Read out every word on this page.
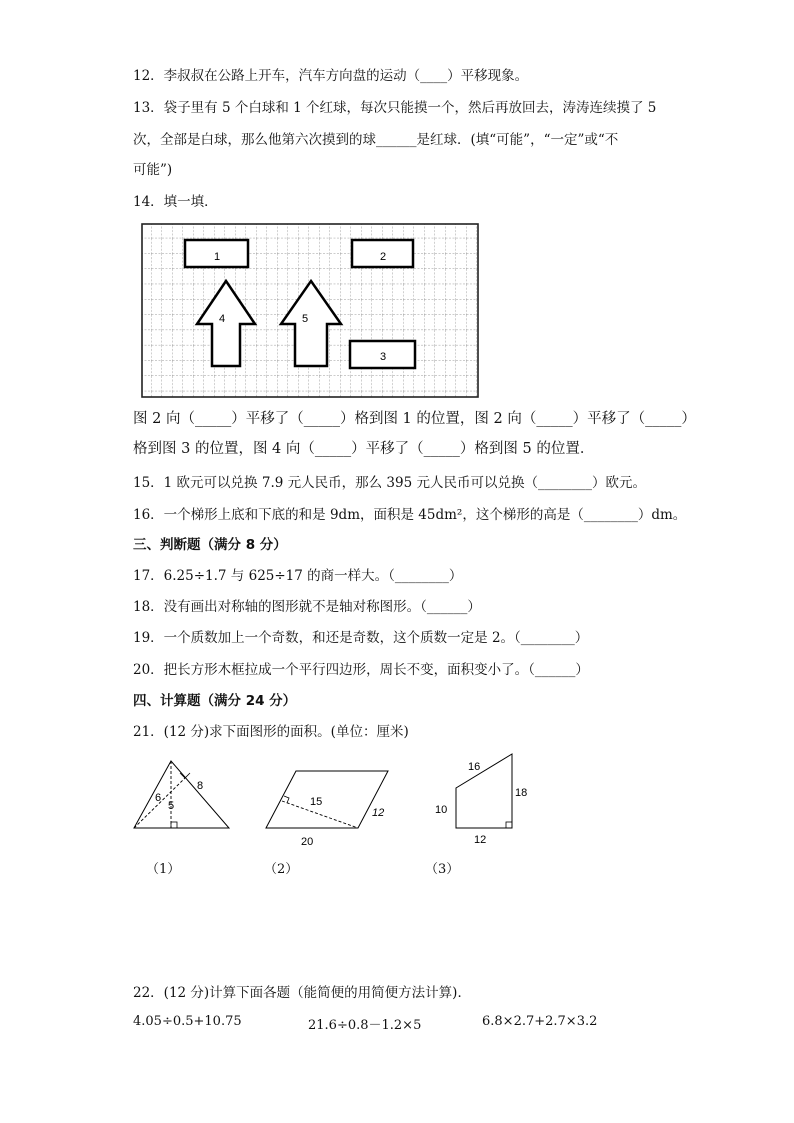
12．李叔叔在公路上开车，汽车方向盘的运动（____）平移现象。
13．袋子里有 5 个白球和 1 个红球，每次只能摸一个，然后再放回去，涛涛连续摸了 5
次，全部是白球，那么他第六次摸到的球______是红球．(填“可能”，“一定”或“不
可能”)
14．填一填．
1	2
3
4	5
图 2 向（_____）平移了（_____）格到图 1 的位置，图 2 向（_____）平移了（_____）
格到图 3 的位置，图 4 向（_____）平移了（_____）格到图 5 的位置．
15．1 欧元可以兑换 7.9 元人民币，那么 395 元人民币可以兑换（________）欧元。
16．一个梯形上底和下底的和是 9dm，面积是 45dm²，这个梯形的高是（________）dm。
三、判断题（满分 8 分）
17．6.25÷1.7 与 625÷17 的商一样大。（________）
18．没有画出对称轴的图形就不是轴对称图形。（______）
19．一个质数加上一个奇数，和还是奇数，这个质数一定是 2。（________）
20．把长方形木框拉成一个平行四边形，周长不变，面积变小了。（______）
四、计算题（满分 24 分）
21．(12 分)求下面图形的面积。(单位：厘米)
6
8
5	15
12
20
16
10
18
12
（1）	（2）	（3）
22．(12 分)计算下面各题（能简便的用简便方法计算)．
4.05÷0.5+10.75	21.6÷0.8－1.2×5	6.8×2.7+2.7×3.2
